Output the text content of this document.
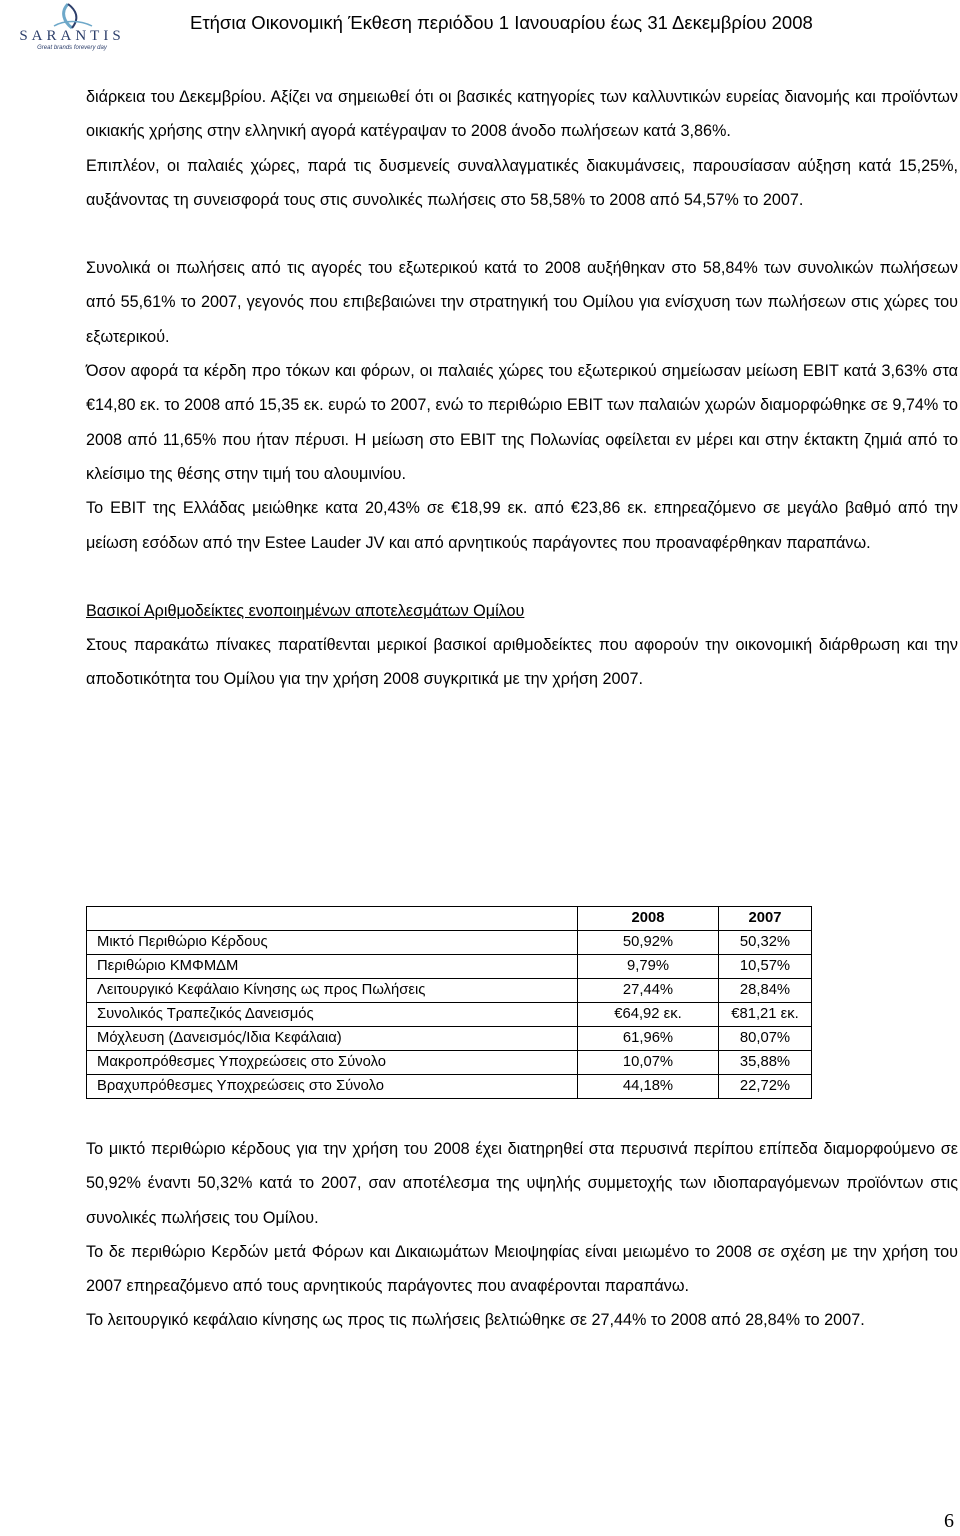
SARANTIS
Great brands forevery day
Ετήσια Οικονομική Έκθεση περιόδου 1 Ιανουαρίου έως 31 Δεκεμβρίου 2008

διάρκεια του Δεκεμβρίου. Αξίζει να σημειωθεί ότι οι βασικές κατηγορίες των καλλυντικών ευρείας διανομής και προϊόντων οικιακής χρήσης στην ελληνική αγορά κατέγραψαν το 2008 άνοδο πωλήσεων κατά 3,86%.

Επιπλέον, οι παλαιές χώρες, παρά τις δυσμενείς συναλλαγματικές διακυμάνσεις, παρουσίασαν αύξηση κατά 15,25%, αυξάνοντας τη συνεισφορά τους στις συνολικές πωλήσεις στο 58,58% το 2008 από 54,57% το 2007.

Συνολικά οι πωλήσεις από τις αγορές του εξωτερικού κατά το 2008 αυξήθηκαν στο 58,84% των συνολικών πωλήσεων από 55,61% το 2007, γεγονός που επιβεβαιώνει την στρατηγική του Ομίλου για ενίσχυση των πωλήσεων στις χώρες του εξωτερικού.

Όσον αφορά τα κέρδη προ τόκων και φόρων, οι παλαιές χώρες του εξωτερικού σημείωσαν μείωση EBIT κατά 3,63% στα €14,80 εκ. το 2008 από 15,35 εκ. ευρώ το 2007, ενώ το περιθώριο EBIT των παλαιών χωρών διαμορφώθηκε σε 9,74% το 2008 από 11,65% που ήταν πέρυσι. Η μείωση στο EBIT της Πολωνίας οφείλεται εν μέρει και στην έκτακτη ζημιά από το κλείσιμο της θέσης στην τιμή του αλουμινίου.

Το EBIT της Ελλάδας μειώθηκε κατα 20,43% σε €18,99 εκ. από €23,86 εκ. επηρεαζόμενο σε μεγάλο βαθμό από την μείωση εσόδων από την Estee Lauder JV και από αρνητικούς παράγοντες που προαναφέρθηκαν παραπάνω.

Βασικοί Αριθμοδείκτες ενοποιημένων αποτελεσμάτων Ομίλου

Στους παρακάτω πίνακες παρατίθενται μερικοί βασικοί αριθμοδείκτες που αφορούν την οικονομική διάρθρωση και την αποδοτικότητα του Ομίλου για την χρήση 2008 συγκριτικά με την χρήση 2007.

	2008	2007
Μικτό Περιθώριο Κέρδους	50,92%	50,32%
Περιθώριο ΚΜΦΜΔΜ	9,79%	10,57%
Λειτουργικό Κεφάλαιο Κίνησης ως προς Πωλήσεις	27,44%	28,84%
Συνολικός Τραπεζικός Δανεισμός	€64,92 εκ.	€81,21 εκ.
Μόχλευση (Δανεισμός/Ιδια Κεφάλαια)	61,96%	80,07%
Μακροπρόθεσμες Υποχρεώσεις στο Σύνολο	10,07%	35,88%
Βραχυπρόθεσμες Υποχρεώσεις στο Σύνολο	44,18%	22,72%

Το μικτό περιθώριο κέρδους για την χρήση του 2008 έχει διατηρηθεί στα περυσινά περίπου επίπεδα διαμορφούμενο σε 50,92% έναντι 50,32% κατά το 2007, σαν αποτέλεσμα της υψηλής συμμετοχής των ιδιοπαραγόμενων προϊόντων στις συνολικές πωλήσεις του Ομίλου.

Το δε περιθώριο Κερδών μετά Φόρων και Δικαιωμάτων Μειοψηφίας είναι μειωμένο το 2008 σε σχέση με την χρήση του 2007 επηρεαζόμενο από τους αρνητικούς παράγοντες που αναφέρονται παραπάνω.

Το λειτουργικό κεφάλαιο κίνησης ως προς τις πωλήσεις βελτιώθηκε σε 27,44% το 2008 από 28,84% το 2007.

6
